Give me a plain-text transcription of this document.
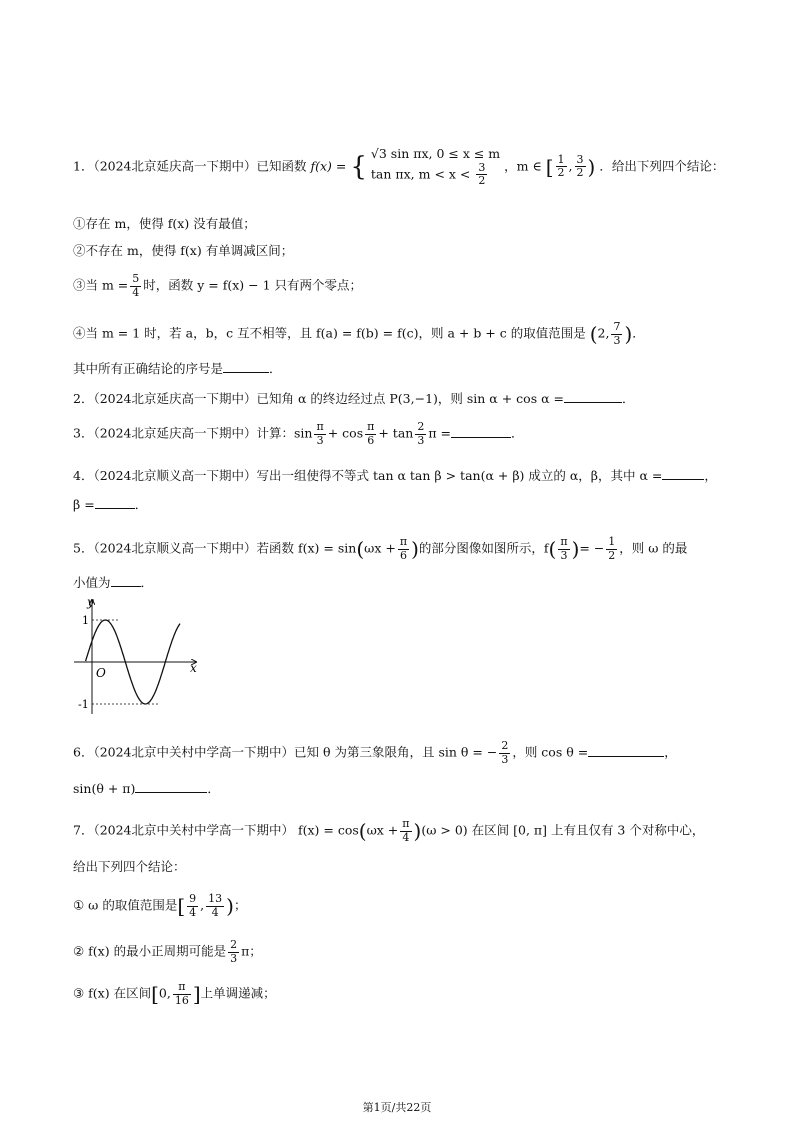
1．（2024北京延庆高一下期中）已知函数 f(x) = { √3 sin πx, 0 ≤ x ≤ m
tan πx, $m < x < \frac{3}{2}$ ，m ∈ [ $\frac{1}{2}$ , $\frac{3}{2}$ ) ．给出下列四个结论：
①存在 m，使得 f(x) 没有最值；
②不存在 m，使得 f(x) 有单调减区间；
③当 $m = \frac{5}{4}$ 时，函数 y = f(x) − 1 只有两个零点；
④当 m = 1 时，若 a，b，c 互不相等，且 f(a) = f(b) = f(c)，则 a + b + c 的取值范围是 (2, $\frac{7}{3}$ )．
其中所有正确结论的序号是	．
2．（2024北京延庆高一下期中）已知角 α 的终边经过点 P(3,−1)，则 sin α + cos α =	．
3．（2024北京延庆高一下期中）计算：$\sin \frac{\pi}{3} + \cos \frac{\pi}{6} + \tan \frac{2}{3}$ π =	．
4．（2024北京顺义高一下期中）写出一组使得不等式 tan α tan β > tan(α + β) 成立的 α，β，其中 α =	，
β =	．
5．（2024北京顺义高一下期中）若函数 $f(x) = \sin(\omega x + \frac{\pi}{6}$ )的部分图像如图所示，$f( \frac{\pi}{3}$ )= − $\frac{1}{2}$ ，则 ω 的最
小值为 ．
y
x
O
1
-1
6．（2024北京中关村中学高一下期中）已知 θ 为第三象限角，且 sin θ = − $\frac{2}{3}$ ，则 cos θ =	，
sin(θ + π)	．
7．（2024北京中关村中学高一下期中） $f(x) = \cos(\omega x + \frac{\pi}{4} )(\omega > 0)$ 在区间 [0, π] 上有且仅有 3 个对称中心，
给出下列四个结论：
① ω 的取值范围是[ $\frac{9}{4}$ , $\frac{13}{4}$ )；
② f(x) 的最小正周期可能是 $\frac{2}{3}$ π；
③ f(x) 在区间[0, $\frac{\pi}{16}$ ]上单调递减；
第1页/共22页
